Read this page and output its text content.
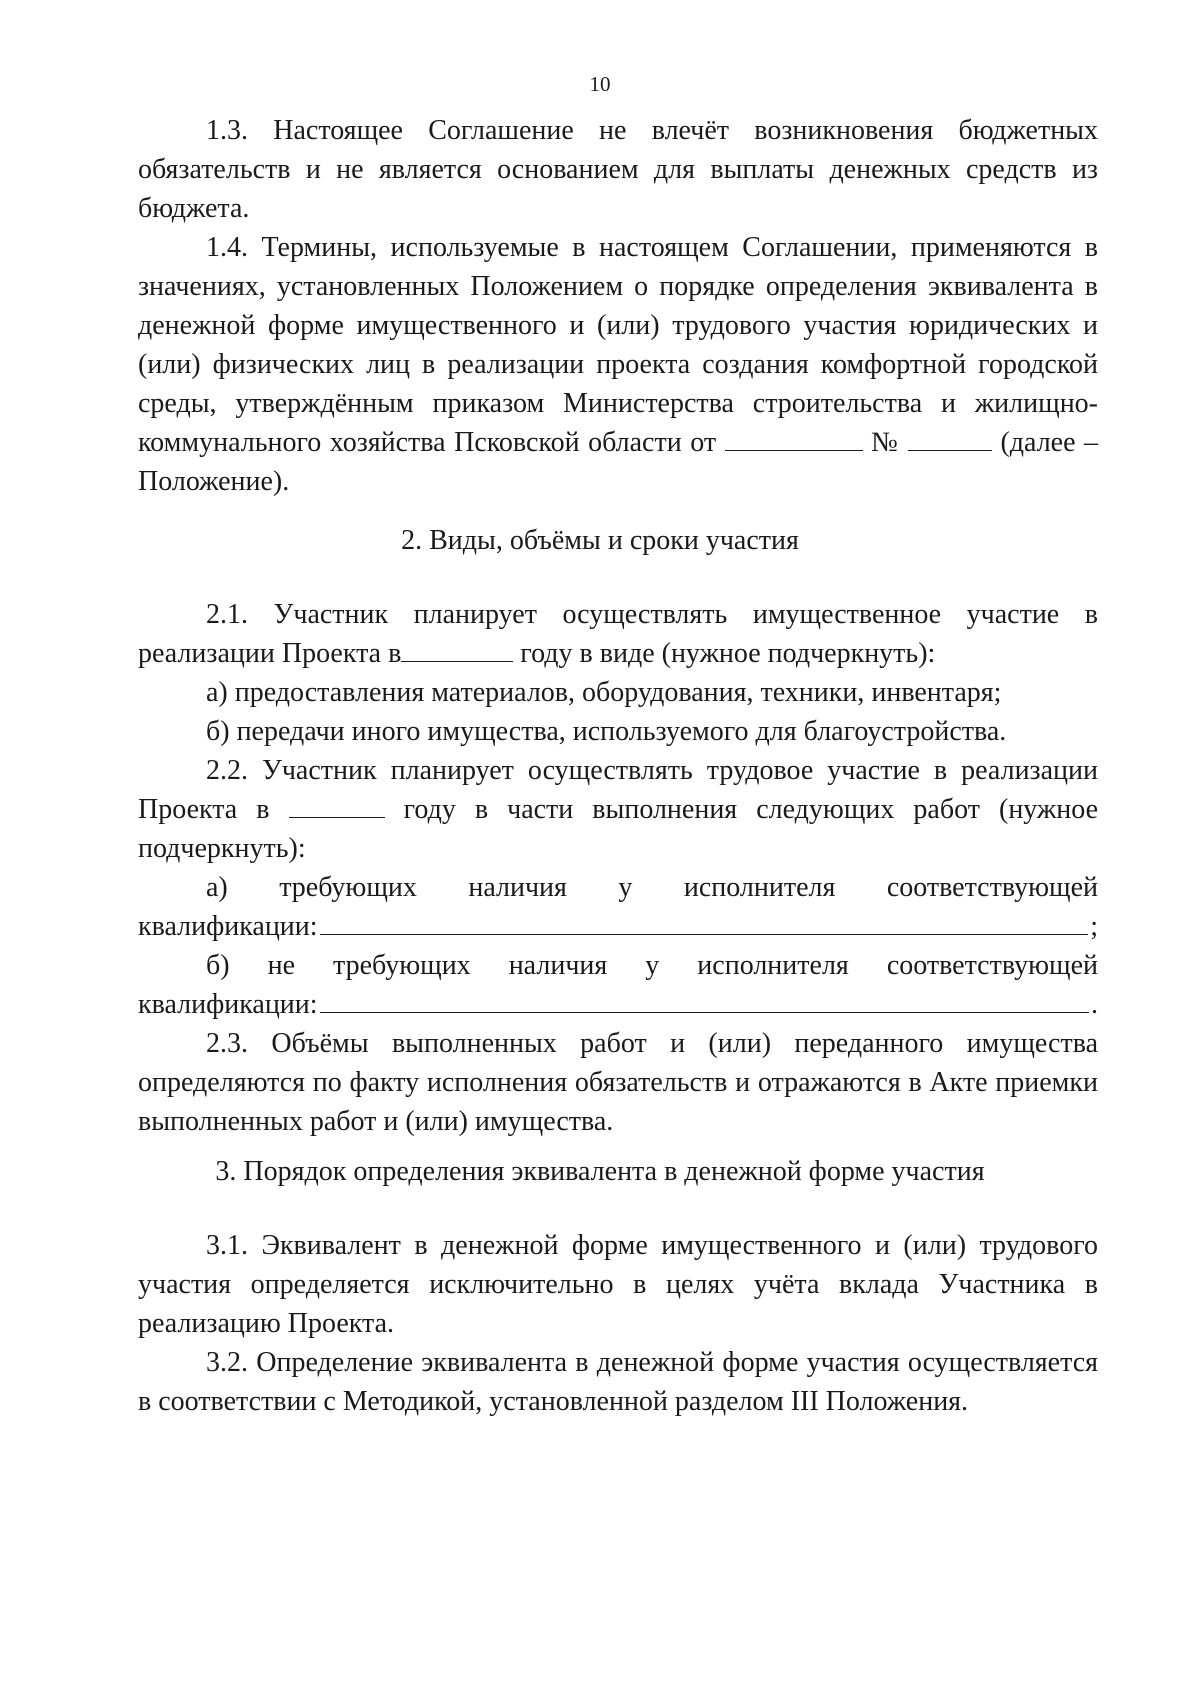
10

1.3. Настоящее Соглашение не влечёт возникновения бюджетных обязательств и не является основанием для выплаты денежных средств из бюджета.

1.4. Термины, используемые в настоящем Соглашении, применяются в значениях, установленных Положением о порядке определения эквивалента в денежной форме имущественного и (или) трудового участия юридических и (или) физических лиц в реализации проекта создания комфортной городской среды, утверждённым приказом Министерства строительства и жилищно-коммунального хозяйства Псковской области от	№	(далее – Положение).

2. Виды, объёмы и сроки участия

2.1. Участник планирует осуществлять имущественное участие в реализации Проекта в	году в виде (нужное подчеркнуть):

а) предоставления материалов, оборудования, техники, инвентаря;

б) передачи иного имущества, используемого для благоустройства.

2.2. Участник планирует осуществлять трудовое участие в реализации Проекта в	году в части выполнения следующих работ (нужное подчеркнуть):

а) требующих наличия у исполнителя соответствующей

квалификации:	;

б) не требующих наличия у исполнителя соответствующей

квалификации:	.

2.3. Объёмы выполненных работ и (или) переданного имущества определяются по факту исполнения обязательств и отражаются в Акте приемки выполненных работ и (или) имущества.

3. Порядок определения эквивалента в денежной форме участия

3.1. Эквивалент в денежной форме имущественного и (или) трудового участия определяется исключительно в целях учёта вклада Участника в реализацию Проекта.

3.2. Определение эквивалента в денежной форме участия осуществляется в соответствии с Методикой, установленной разделом III Положения.
